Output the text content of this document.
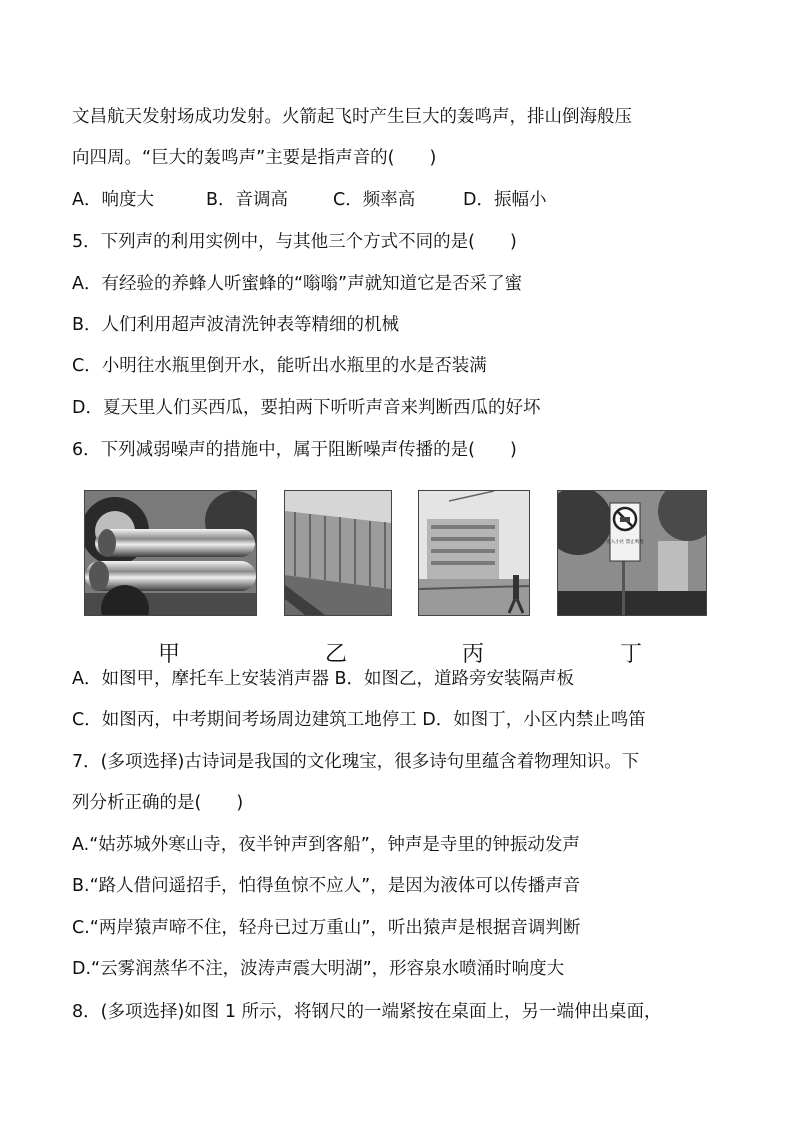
文昌航天发射场成功发射。火箭起飞时产生巨大的轰鸣声，排山倒海般压
向四周。“巨大的轰鸣声”主要是指声音的(　　)
A．响度大	B．音调高	C．频率高	D．振幅小
5．下列声的利用实例中，与其他三个方式不同的是(　　)
A．有经验的养蜂人听蜜蜂的“嗡嗡”声就知道它是否采了蜜
B．人们利用超声波清洗钟表等精细的机械
C．小明往水瓶里倒开水，能听出水瓶里的水是否装满
D．夏天里人们买西瓜，要拍两下听听声音来判断西瓜的好坏
6．下列减弱噪声的措施中，属于阻断噪声传播的是(　　)
进入小区 禁止鸣笛
甲	乙	丙	丁
A．如图甲，摩托车上安装消声器 B．如图乙，道路旁安装隔声板
C．如图丙，中考期间考场周边建筑工地停工 D．如图丁，小区内禁止鸣笛
7．(多项选择)古诗词是我国的文化瑰宝，很多诗句里蕴含着物理知识。下
列分析正确的是(　　)
A.“姑苏城外寒山寺，夜半钟声到客船”，钟声是寺里的钟振动发声
B.“路人借问遥招手，怕得鱼惊不应人”，是因为液体可以传播声音
C.“两岸猿声啼不住，轻舟已过万重山”，听出猿声是根据音调判断
D.“云雾润蒸华不注，波涛声震大明湖”，形容泉水喷涌时响度大
8．(多项选择)如图 1 所示，将钢尺的一端紧按在桌面上，另一端伸出桌面，
